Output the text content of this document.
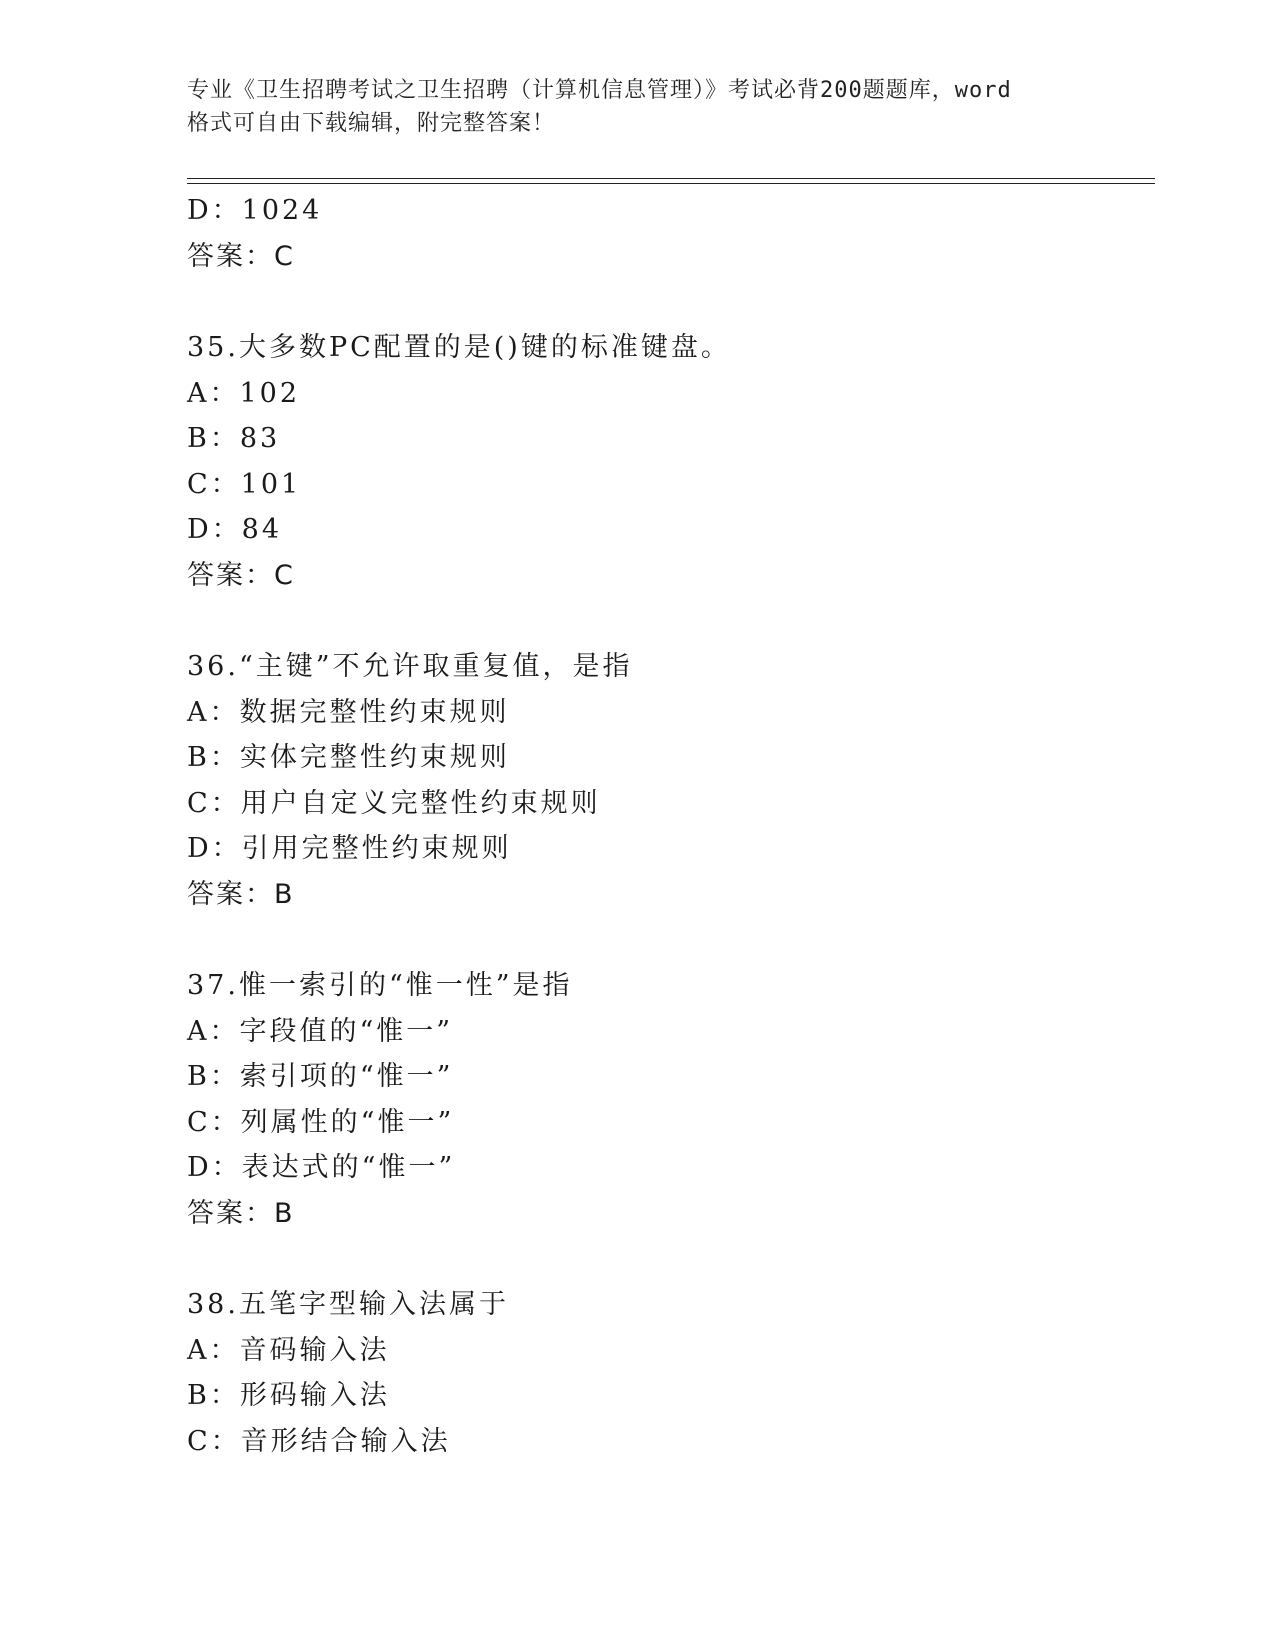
专业《卫生招聘考试之卫生招聘（计算机信息管理）》考试必背200题题库，word
格式可自由下载编辑，附完整答案！
D：1024
答案：C
35.大多数PC配置的是()键的标准键盘。
A：102
B：83
C：101
D：84
答案：C
36.“主键”不允许取重复值，是指
A：数据完整性约束规则
B：实体完整性约束规则
C：用户自定义完整性约束规则
D：引用完整性约束规则
答案：B
37.惟一索引的“惟一性”是指
A：字段值的“惟一”
B：索引项的“惟一”
C：列属性的“惟一”
D：表达式的“惟一”
答案：B
38.五笔字型输入法属于
A：音码输入法
B：形码输入法
C：音形结合输入法
